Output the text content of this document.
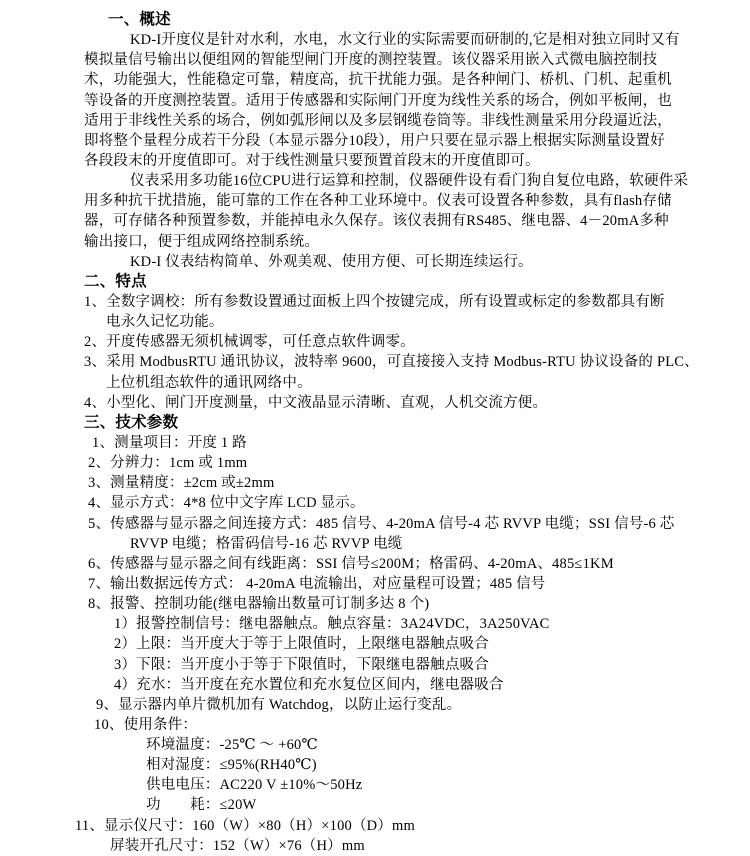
一、概述
KD-I开度仪是针对水利，水电，水文行业的实际需要而研制的,它是相对独立同时又有
模拟量信号输出以便组网的智能型闸门开度的测控装置。该仪器采用嵌入式微电脑控制技
术，功能强大，性能稳定可靠，精度高，抗干扰能力强。是各种闸门、桥机、门机、起重机
等设备的开度测控装置。适用于传感器和实际闸门开度为线性关系的场合，例如平板闸，也
适用于非线性关系的场合，例如弧形闸以及多层钢缆卷筒等。非线性测量采用分段逼近法，
即将整个量程分成若干分段（本显示器分10段），用户只要在显示器上根据实际测量设置好
各段段末的开度值即可。对于线性测量只要预置首段末的开度值即可。
仪表采用多功能16位CPU进行运算和控制，仪器硬件设有看门狗自复位电路，软硬件采
用多种抗干扰措施，能可靠的工作在各种工业环境中。仪表可设置各种参数，具有flash存储
器，可存储各种预置参数，并能掉电永久保存。该仪表拥有RS485、继电器、4－20mA多种
输出接口，便于组成网络控制系统。
KD-I 仪表结构简单、外观美观、使用方便、可长期连续运行。
二、特点
1、全数字调校：所有参数设置通过面板上四个按键完成，所有设置或标定的参数都具有断
电永久记忆功能。
2、开度传感器无须机械调零，可任意点软件调零。
3、采用 ModbusRTU 通讯协议，波特率 9600，可直接接入支持 Modbus-RTU 协议设备的 PLC、
上位机组态软件的通讯网络中。
4、小型化、闸门开度测量，中文液晶显示清晰、直观，人机交流方便。
三、技术参数
1、测量项目：开度 1 路
2、分辨力：1cm 或 1mm
3、测量精度：±2cm 或±2mm
4、显示方式：4*8 位中文字库 LCD 显示。
5、传感器与显示器之间连接方式：485 信号、4-20mA 信号-4 芯 RVVP 电缆；SSI 信号-6 芯
RVVP 电缆；格雷码信号-16 芯 RVVP 电缆
6、传感器与显示器之间有线距离：SSI 信号≤200M；格雷码、4-20mA、485≤1KM
7、输出数据远传方式： 4-20mA 电流输出，对应量程可设置；485 信号
8、报警、控制功能(继电器输出数量可订制多达 8 个)
1）报警控制信号：继电器触点。触点容量：3A24VDC，3A250VAC
2）上限：当开度大于等于上限值时，上限继电器触点吸合
3）下限：当开度小于等于下限值时，下限继电器触点吸合
4）充水：当开度在充水置位和充水复位区间内，继电器吸合
9、显示器内单片微机加有 Watchdog，以防止运行变乱。
10、使用条件：
环境温度：-25℃ ～ +60℃
相对湿度：≤95%(RH40℃)
供电电压：AC220 V ±10%～50Hz
功　　耗：≤20W
11、显示仪尺寸：160（W）×80（H）×100（D）mm
屏装开孔尺寸：152（W）×76（H）mm
